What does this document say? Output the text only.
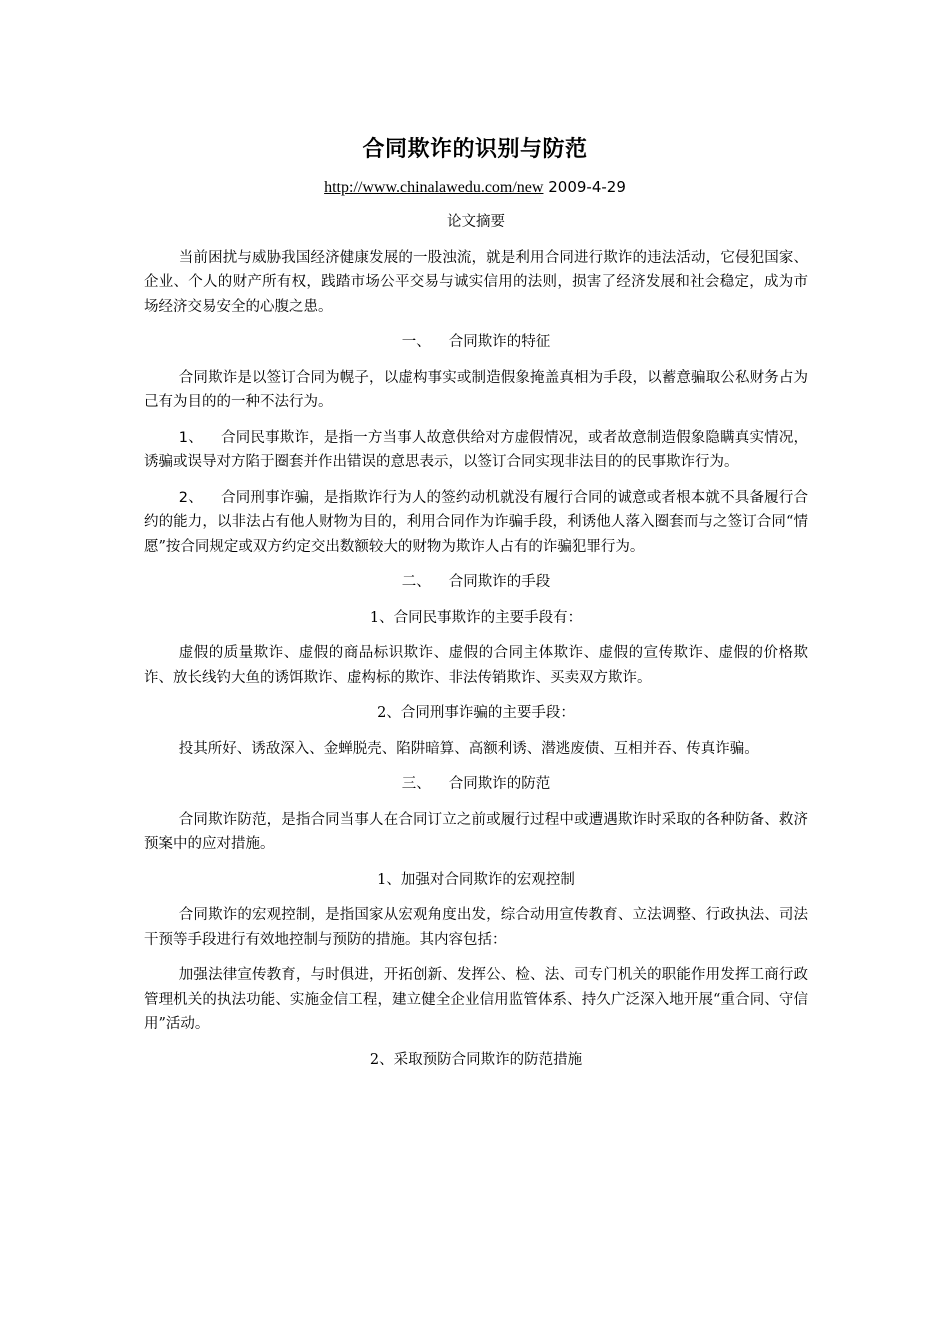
合同欺诈的识别与防范
http://www.chinalawedu.com/new 2009-4-29

论文摘要

当前困扰与威胁我国经济健康发展的一股浊流，就是利用合同进行欺诈的违法活动，它侵犯国家、企业、个人的财产所有权，践踏市场公平交易与诚实信用的法则，损害了经济发展和社会稳定，成为市场经济交易安全的心腹之患。

一、 合同欺诈的特征

合同欺诈是以签订合同为幌子，以虚构事实或制造假象掩盖真相为手段，以蓄意骗取公私财务占为己有为目的的一种不法行为。

1、 合同民事欺诈，是指一方当事人故意供给对方虚假情况，或者故意制造假象隐瞒真实情况，诱骗或误导对方陷于圈套并作出错误的意思表示，以签订合同实现非法目的的民事欺诈行为。

2、 合同刑事诈骗，是指欺诈行为人的签约动机就没有履行合同的诚意或者根本就不具备履行合约的能力，以非法占有他人财物为目的，利用合同作为诈骗手段，利诱他人落入圈套而与之签订合同“情愿”按合同规定或双方约定交出数额较大的财物为欺诈人占有的诈骗犯罪行为。

二、 合同欺诈的手段

1、合同民事欺诈的主要手段有：

虚假的质量欺诈、虚假的商品标识欺诈、虚假的合同主体欺诈、虚假的宣传欺诈、虚假的价格欺诈、放长线钓大鱼的诱饵欺诈、虚构标的欺诈、非法传销欺诈、买卖双方欺诈。

2、合同刑事诈骗的主要手段：

投其所好、诱敌深入、金蝉脱壳、陷阱暗算、高额利诱、潜逃废债、互相并吞、传真诈骗。

三、 合同欺诈的防范

合同欺诈防范，是指合同当事人在合同订立之前或履行过程中或遭遇欺诈时采取的各种防备、救济预案中的应对措施。

1、加强对合同欺诈的宏观控制

合同欺诈的宏观控制，是指国家从宏观角度出发，综合动用宣传教育、立法调整、行政执法、司法干预等手段进行有效地控制与预防的措施。其内容包括：

加强法律宣传教育，与时俱进，开拓创新、发挥公、检、法、司专门机关的职能作用发挥工商行政管理机关的执法功能、实施金信工程，建立健全企业信用监管体系、持久广泛深入地开展“重合同、守信用”活动。

2、采取预防合同欺诈的防范措施
